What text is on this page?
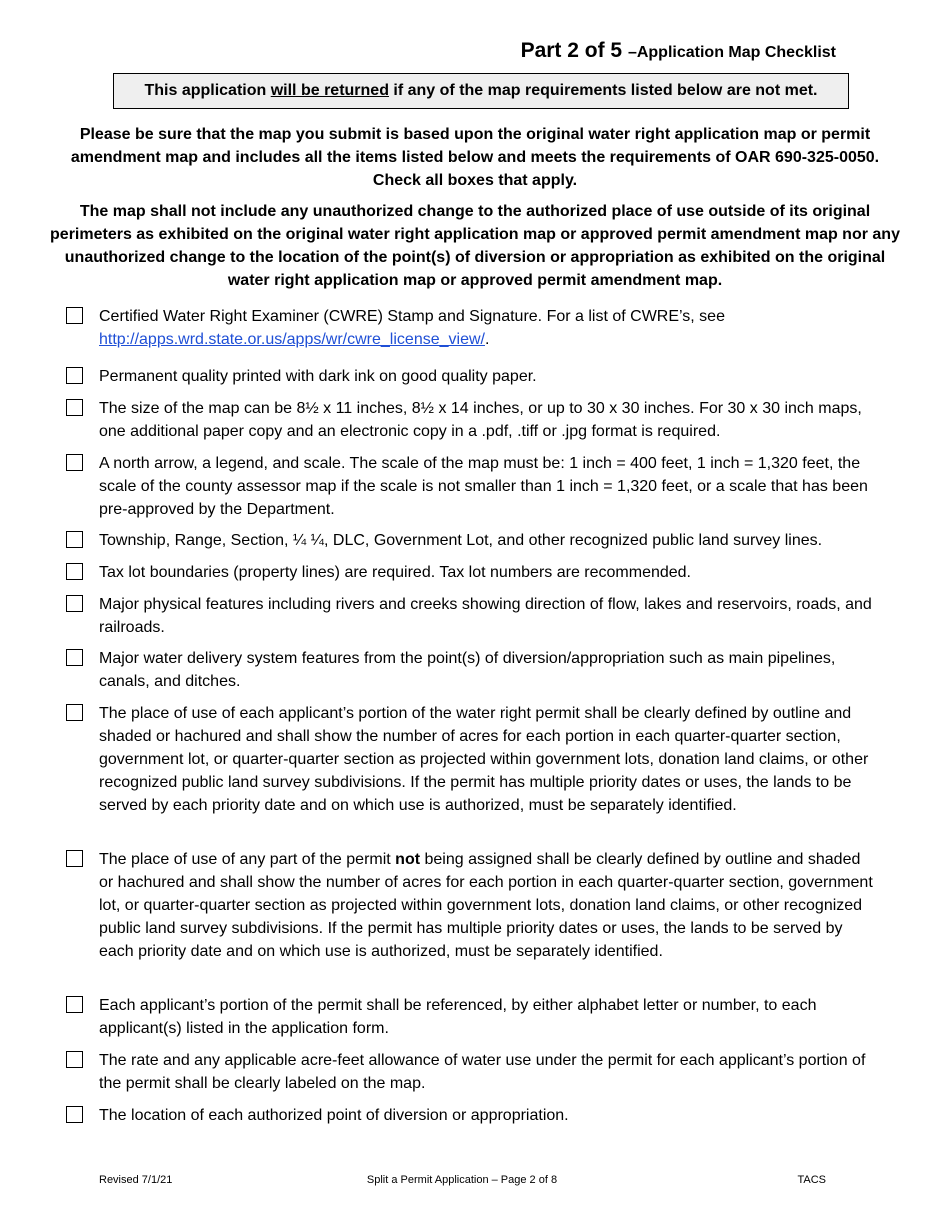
Part 2 of 5 –Application Map Checklist
This application will be returned if any of the map requirements listed below are not met.
Please be sure that the map you submit is based upon the original water right application map or permit amendment map and includes all the items listed below and meets the requirements of OAR 690-325-0050. Check all boxes that apply.
The map shall not include any unauthorized change to the authorized place of use outside of its original perimeters as exhibited on the original water right application map or approved permit amendment map nor any unauthorized change to the location of the point(s) of diversion or appropriation as exhibited on the original water right application map or approved permit amendment map.
Certified Water Right Examiner (CWRE) Stamp and Signature. For a list of CWRE’s, see http://apps.wrd.state.or.us/apps/wr/cwre_license_view/.
Permanent quality printed with dark ink on good quality paper.
The size of the map can be 8½ x 11 inches, 8½ x 14 inches, or up to 30 x 30 inches. For 30 x 30 inch maps, one additional paper copy and an electronic copy in a .pdf, .tiff or .jpg format is required.
A north arrow, a legend, and scale. The scale of the map must be: 1 inch = 400 feet, 1 inch = 1,320 feet, the scale of the county assessor map if the scale is not smaller than 1 inch = 1,320 feet, or a scale that has been pre-approved by the Department.
Township, Range, Section, ¼ ¼, DLC, Government Lot, and other recognized public land survey lines.
Tax lot boundaries (property lines) are required. Tax lot numbers are recommended.
Major physical features including rivers and creeks showing direction of flow, lakes and reservoirs, roads, and railroads.
Major water delivery system features from the point(s) of diversion/appropriation such as main pipelines, canals, and ditches.
The place of use of each applicant’s portion of the water right permit shall be clearly defined by outline and shaded or hachured and shall show the number of acres for each portion in each quarter-quarter section, government lot, or quarter-quarter section as projected within government lots, donation land claims, or other recognized public land survey subdivisions. If the permit has multiple priority dates or uses, the lands to be served by each priority date and on which use is authorized, must be separately identified.
The place of use of any part of the permit not being assigned shall be clearly defined by outline and shaded or hachured and shall show the number of acres for each portion in each quarter-quarter section, government lot, or quarter-quarter section as projected within government lots, donation land claims, or other recognized public land survey subdivisions. If the permit has multiple priority dates or uses, the lands to be served by each priority date and on which use is authorized, must be separately identified.
Each applicant’s portion of the permit shall be referenced, by either alphabet letter or number, to each applicant(s) listed in the application form.
The rate and any applicable acre-feet allowance of water use under the permit for each applicant’s portion of the permit shall be clearly labeled on the map.
The location of each authorized point of diversion or appropriation.
Revised 7/1/21	Split a Permit Application – Page 2 of 8	TACS
